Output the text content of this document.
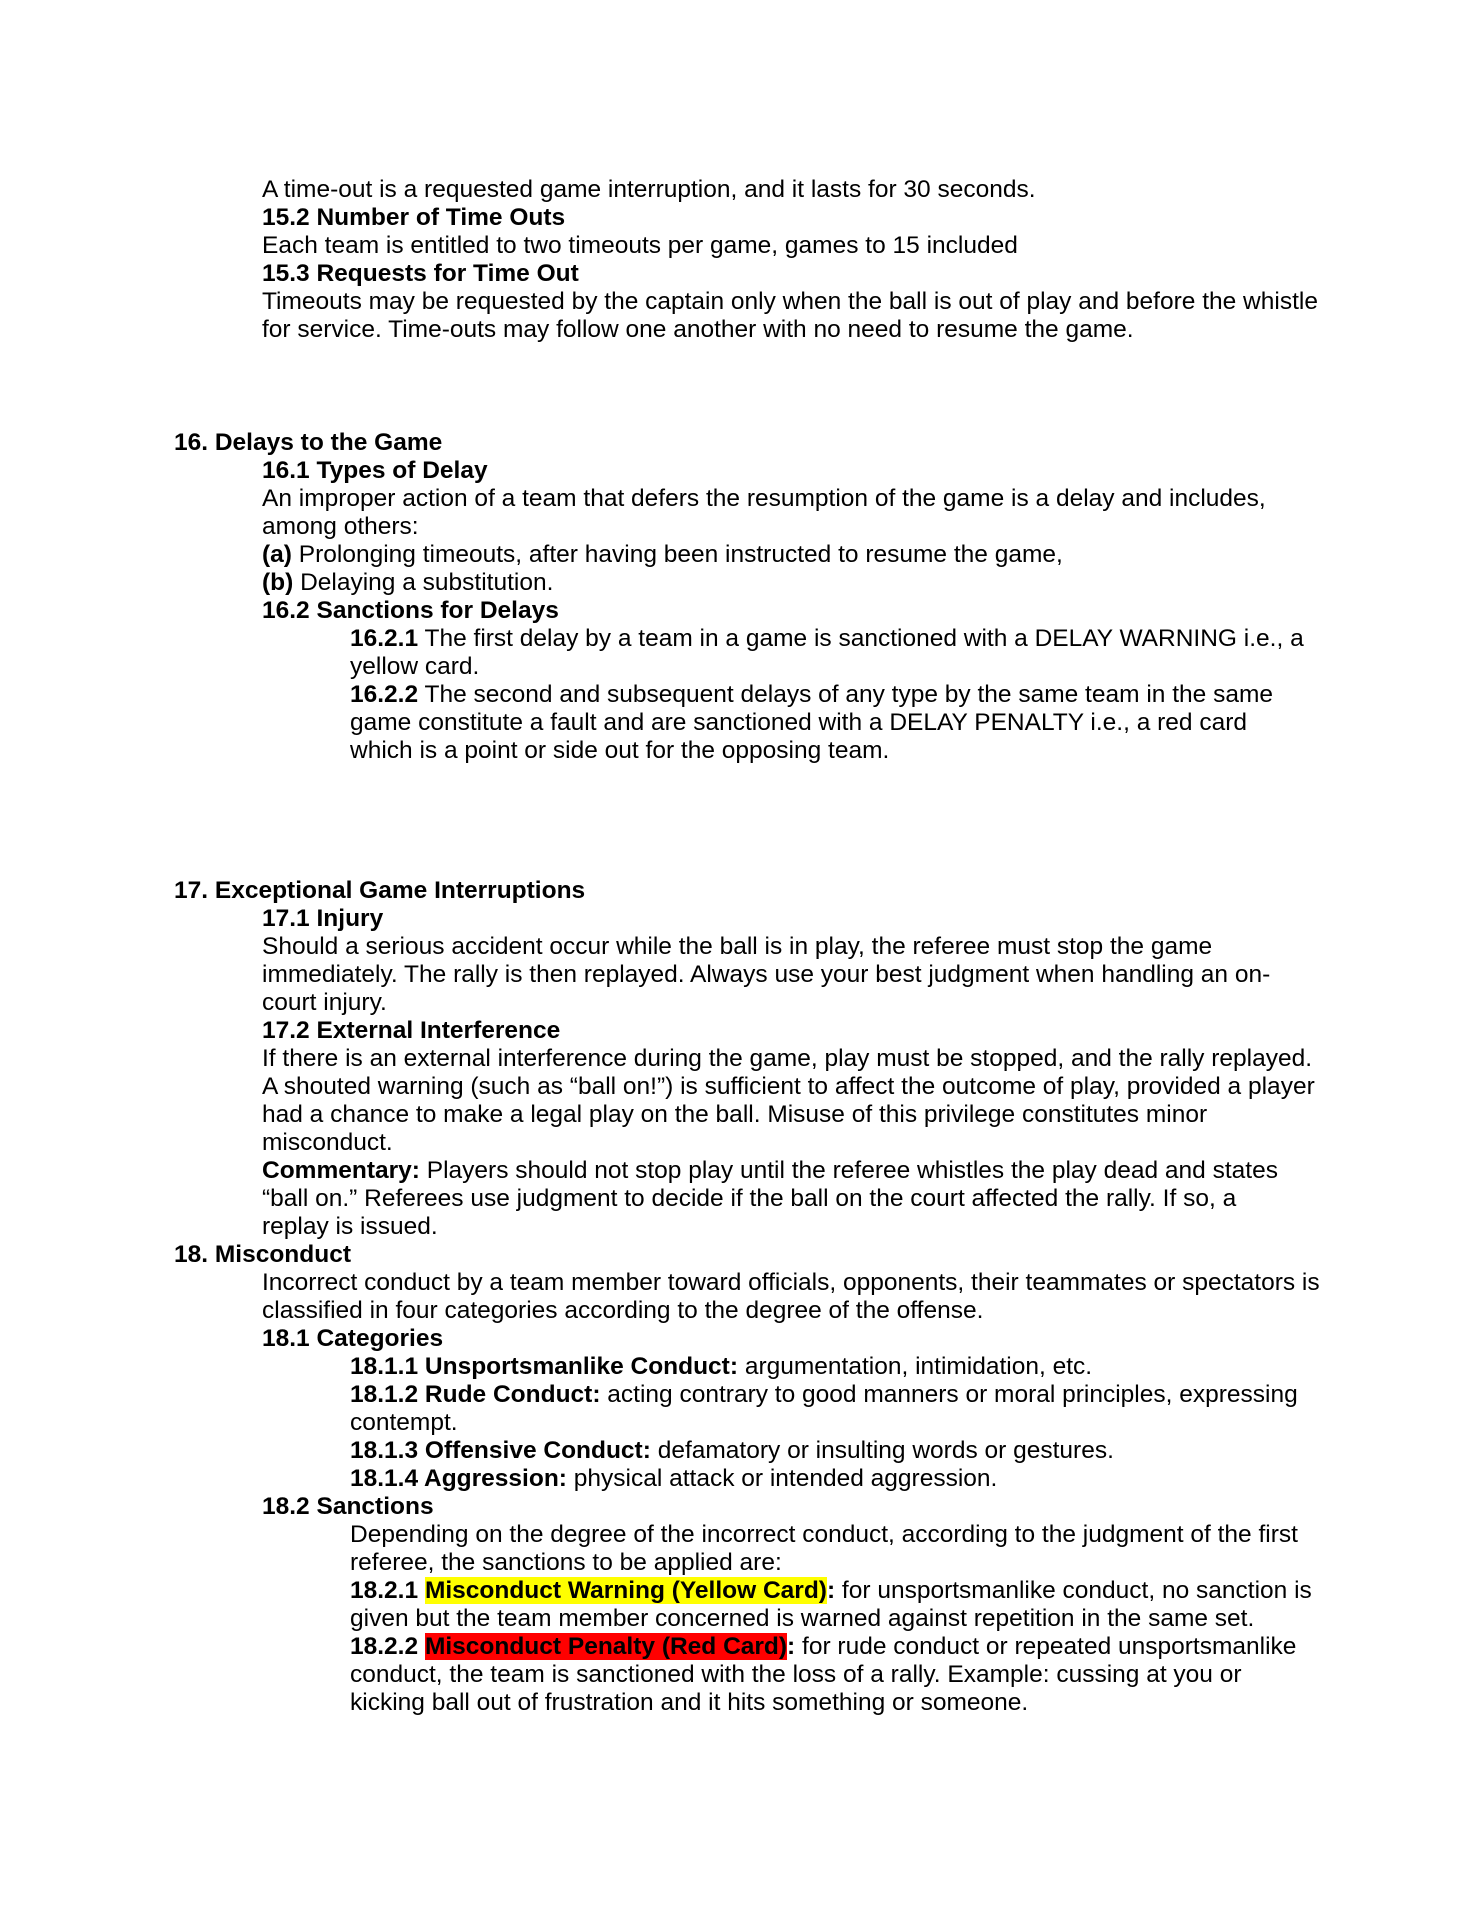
A time-out is a requested game interruption, and it lasts for 30 seconds.
15.2 Number of Time Outs
Each team is entitled to two timeouts per game, games to 15 included
15.3 Requests for Time Out
Timeouts may be requested by the captain only when the ball is out of play and before the whistle
for service. Time-outs may follow one another with no need to resume the game.
16. Delays to the Game
16.1 Types of Delay
An improper action of a team that defers the resumption of the game is a delay and includes,
among others:
(a) Prolonging timeouts, after having been instructed to resume the game,
(b) Delaying a substitution.
16.2 Sanctions for Delays
16.2.1 The first delay by a team in a game is sanctioned with a DELAY WARNING i.e., a
yellow card.
16.2.2 The second and subsequent delays of any type by the same team in the same
game constitute a fault and are sanctioned with a DELAY PENALTY i.e., a red card
which is a point or side out for the opposing team.
17. Exceptional Game Interruptions
17.1 Injury
Should a serious accident occur while the ball is in play, the referee must stop the game
immediately. The rally is then replayed. Always use your best judgment when handling an on-
court injury.
17.2 External Interference
If there is an external interference during the game, play must be stopped, and the rally replayed.
A shouted warning (such as “ball on!”) is sufficient to affect the outcome of play, provided a player
had a chance to make a legal play on the ball. Misuse of this privilege constitutes minor
misconduct.
Commentary: Players should not stop play until the referee whistles the play dead and states
“ball on.” Referees use judgment to decide if the ball on the court affected the rally. If so, a
replay is issued.
18. Misconduct
Incorrect conduct by a team member toward officials, opponents, their teammates or spectators is
classified in four categories according to the degree of the offense.
18.1 Categories
18.1.1 Unsportsmanlike Conduct: argumentation, intimidation, etc.
18.1.2 Rude Conduct: acting contrary to good manners or moral principles, expressing
contempt.
18.1.3 Offensive Conduct: defamatory or insulting words or gestures.
18.1.4 Aggression: physical attack or intended aggression.
18.2 Sanctions
Depending on the degree of the incorrect conduct, according to the judgment of the first
referee, the sanctions to be applied are:
18.2.1 Misconduct Warning (Yellow Card): for unsportsmanlike conduct, no sanction is
given but the team member concerned is warned against repetition in the same set.
18.2.2 Misconduct Penalty (Red Card): for rude conduct or repeated unsportsmanlike
conduct, the team is sanctioned with the loss of a rally. Example: cussing at you or
kicking ball out of frustration and it hits something or someone.
